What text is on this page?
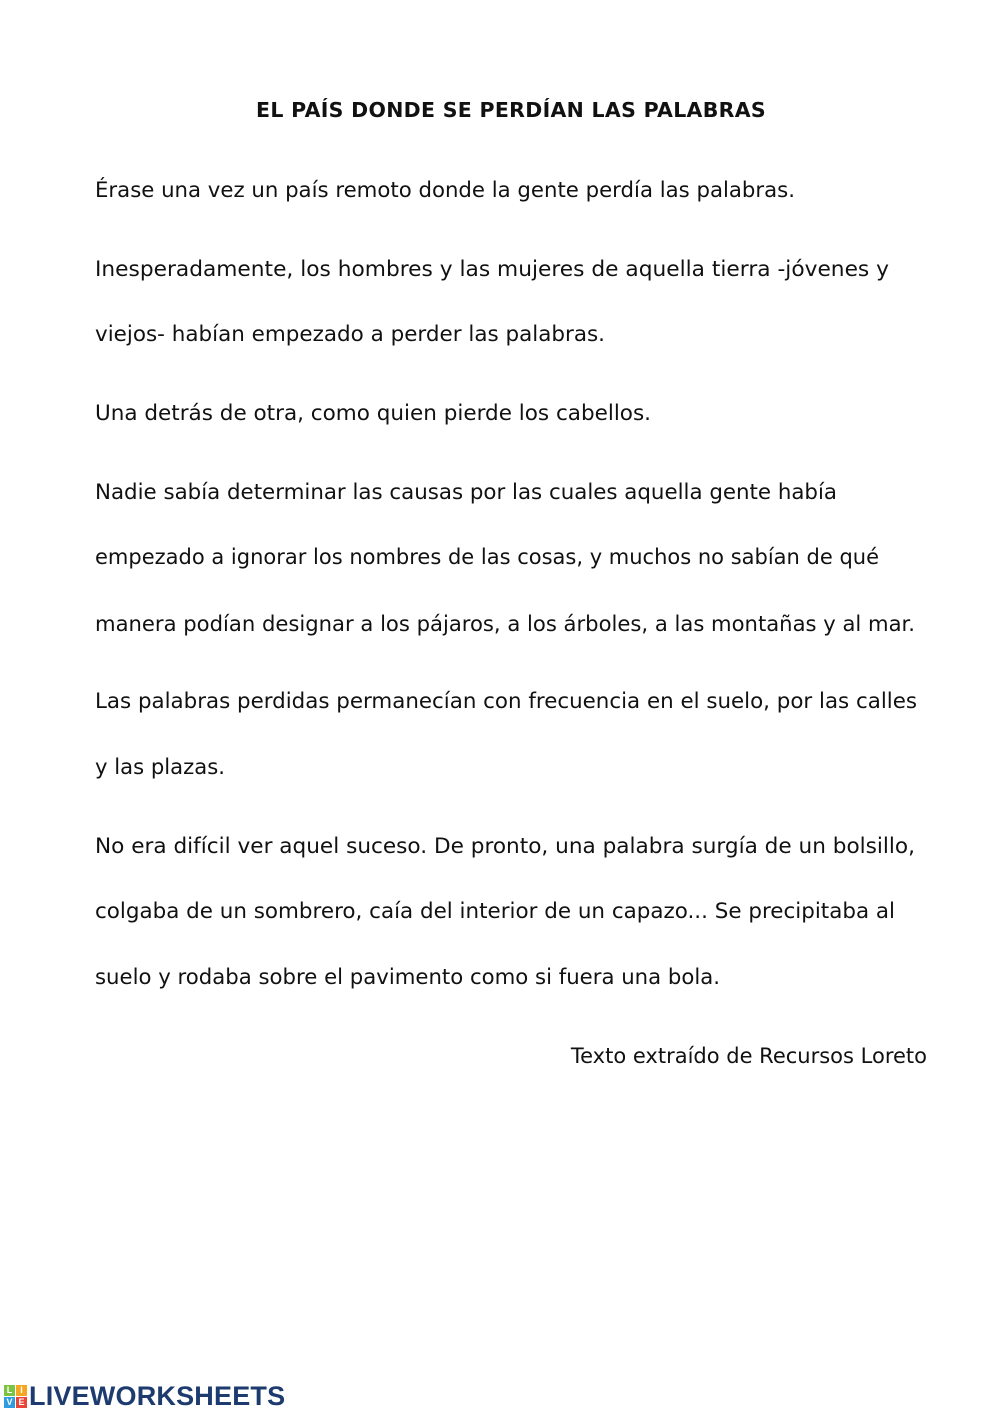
EL PAÍS DONDE SE PERDÍAN LAS PALABRAS
Érase una vez un país remoto donde la gente perdía las palabras.
Inesperadamente, los hombres y las mujeres de aquella tierra -jóvenes y
viejos- habían empezado a perder las palabras.
Una detrás de otra, como quien pierde los cabellos.
Nadie sabía determinar las causas por las cuales aquella gente había
empezado a ignorar los nombres de las cosas, y muchos no sabían de qué
manera podían designar a los pájaros, a los árboles, a las montañas y al mar.
Las palabras perdidas permanecían con frecuencia en el suelo, por las calles
y las plazas.
No era difícil ver aquel suceso. De pronto, una palabra surgía de un bolsillo,
colgaba de un sombrero, caía del interior de un capazo... Se precipitaba al
suelo y rodaba sobre el pavimento como si fuera una bola.
Texto extraído de Recursos Loreto
L I
V E LIVEWORKSHEETS
